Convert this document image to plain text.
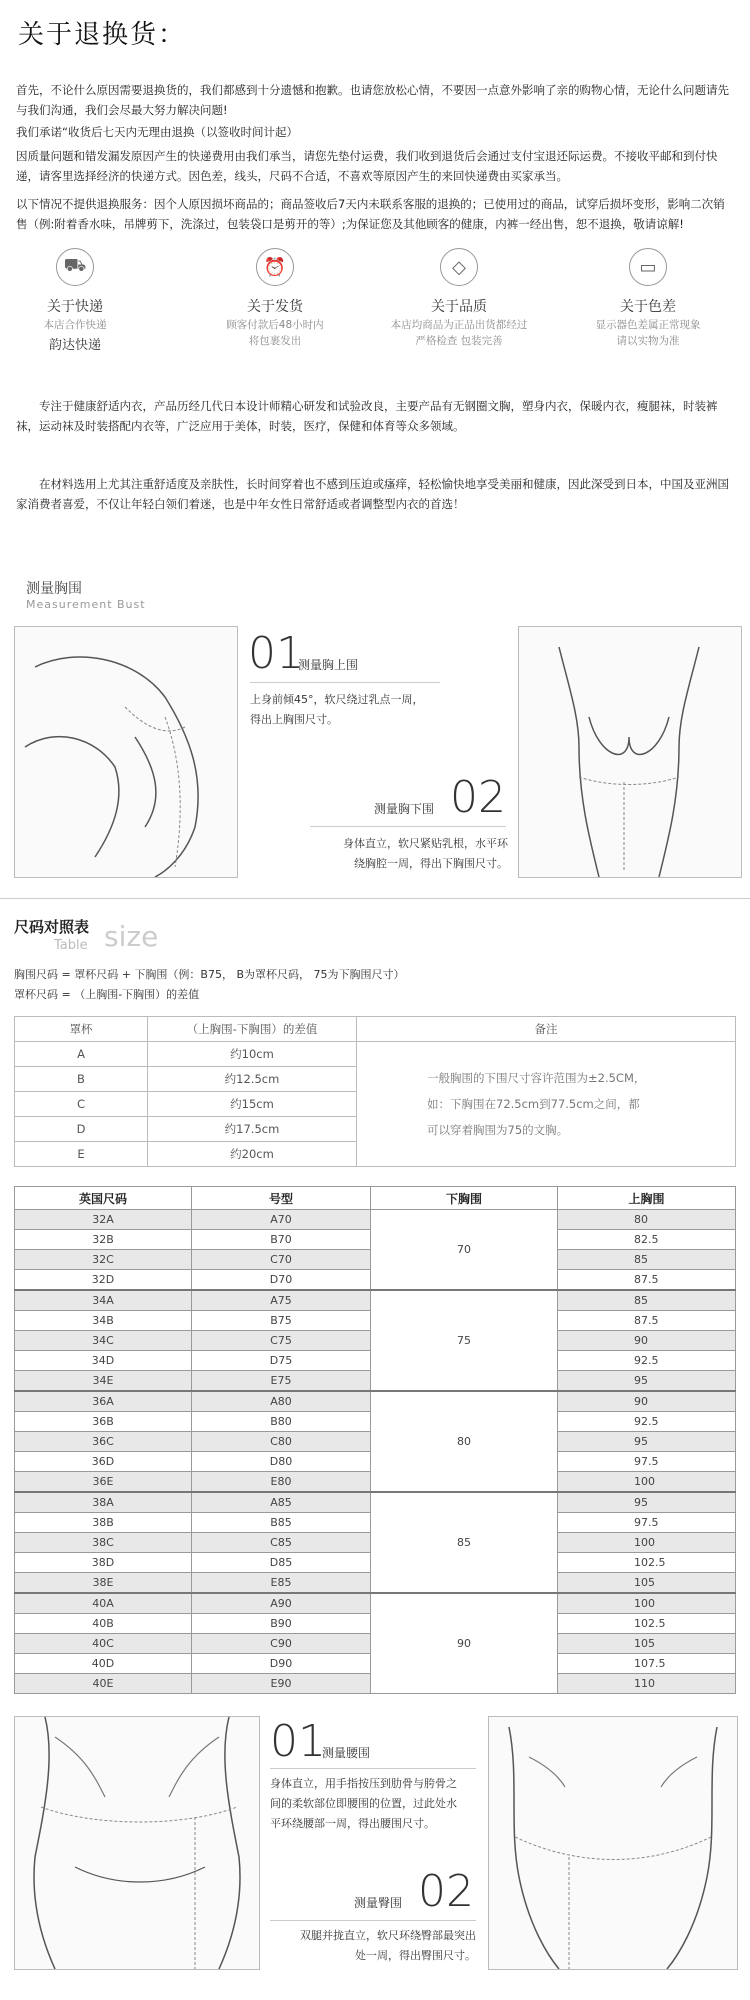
关于退换货：
首先，不论什么原因需要退换货的，我们都感到十分遗憾和抱歉。也请您放松心情，不要因一点意外影响了亲的购物心情，无论什么问题请先与我们沟通，我们会尽最大努力解决问题!
我们承诺“收货后七天内无理由退换（以签收时间计起）
因质量问题和错发漏发原因产生的快递费用由我们承当，请您先垫付运费，我们收到退货后会通过支付宝退还际运费。不接收平邮和到付快递，请客里选择经济的快递方式。因色差，线头，尺码不合适，不喜欢等原因产生的来回快递费由买家承当。
以下情况不提供退换服务：因个人原因损坏商品的；商品签收后7天内未联系客服的退换的；已使用过的商品，试穿后损坏变形，影响二次销售（例:附着香水味，吊牌剪下，洗涤过，包装袋口是剪开的等）;为保证您及其他顾客的健康，内裤一经出售，恕不退换，敬请谅解!
⛟
关于快递
本店合作快递
韵达快递
⏰
关于发货
顾客付款后48小时内
将包裹发出
◇
关于品质
本店均商品为正品出货都经过
严格检查 包装完善
▭
关于色差
显示器色差属正常现象
请以实物为准
专注于健康舒适内衣，产品历经几代日本设计师精心研发和试验改良，主要产品有无钢圈文胸，塑身内衣，保暖内衣，瘦腿袜，时装裤袜，运动袜及时装搭配内衣等，广泛应用于美体，时装，医疗，保健和体育等众多领域。
在材料选用上尤其注重舒适度及亲肤性，长时间穿着也不感到压迫或瘙痒，轻松愉快地享受美丽和健康，因此深受到日本，中国及亚洲国家消费者喜爱，不仅让年轻白领们着迷，也是中年女性日常舒适或者调整型内衣的首选！
测量胸围
Measurement Bust
01
测量胸上围
上身前倾45°，软尺绕过乳点一周，
得出上胸围尺寸。
测量胸下围 02
身体直立，软尺紧贴乳根，水平环
绕胸腔一周，得出下胸围尺寸。
尺码对照表
Table size
胸围尺码 = 罩杯尺码 + 下胸围（例：B75， B为罩杯尺码， 75为下胸围尺寸）
罩杯尺码 = （上胸围-下胸围）的差值
罩杯	（上胸围-下胸围）的差值	备注
A	约10cm	一般胸围的下围尺寸容许范围为±2.5CM，
如：下胸围在72.5cm到77.5cm之间，都
可以穿着胸围为75的文胸。

B	约12.5cm	
C	约15cm	
D	约17.5cm	
E	约20cm	
英国尺码	号型	下胸围	上胸围
32A	A70	70	80
32B	B70		82.5
32C	C70		85
32D	D70		87.5
34A	A75	75	85
34B	B75		87.5
34C	C75		90
34D	D75		92.5
34E	E75		95
36A	A80	80	90
36B	B80		92.5
36C	C80		95
36D	D80		97.5
36E	E80		100
38A	A85	85	95
38B	B85		97.5
38C	C85		100
38D	D85		102.5
38E	E85		105
40A	A90	90	100
40B	B90		102.5
40C	C90		105
40D	D90		107.5
40E	E90		110
01
测量腰围
身体直立，用手指按压到肋骨与胯骨之
间的柔软部位即腰围的位置，过此处水
平环绕腰部一周，得出腰围尺寸。
测量臀围 02
双腿并拢直立，软尺环绕臀部最突出
处一周，得出臀围尺寸。
